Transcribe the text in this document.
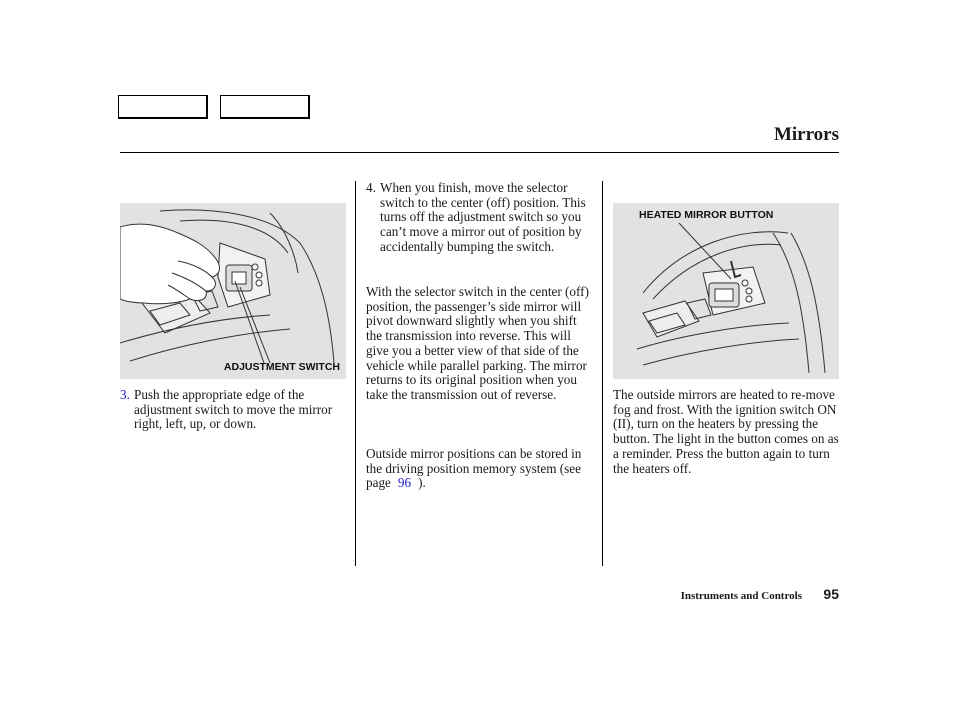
Mirrors
ADJUSTMENT SWITCH
HEATED MIRROR BUTTON
3. Push the appropriate edge of the adjustment switch to move the mirror right, left, up, or down.
4. When you finish, move the selector switch to the center (off) position. This turns off the adjustment switch so you can’t move a mirror out of position by accidentally bumping the switch.

With the selector switch in the center (off) position, the passenger’s side mirror will pivot downward slightly when you shift the transmission into reverse. This will give you a better view of that side of the vehicle while parallel parking. The mirror returns to its original position when you take the transmission out of reverse.

Outside mirror positions can be stored in the driving position memory system (see page 96 ).

The outside mirrors are heated to re-move fog and frost. With the ignition switch ON (II), turn on the heaters by pressing the button. The light in the button comes on as a reminder. Press the button again to turn the heaters off.

Instruments and Controls 95
